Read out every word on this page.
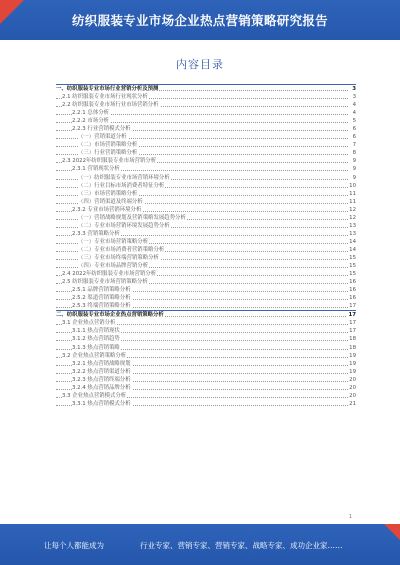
纺织服装专业市场企业热点营销策略研究报告
内容目录
一、纺织服装专业市场行业营销分析及预测	3
2.1 纺织服装专业市场行业现状分析	3
2.2 纺织服装专业市场行业市场营销分析	4
2.2.1 总体分析	4
2.2.2 市场分析	5
2.2.3 行业营销模式分析	6
（一）营销渠道分析	6
（二）市场营销策略分析	7
（三）行业营销策略分析	8
2.3 2022年纺织服装专业市场营销分析	9
2.3.1 营销现状分析	9
（一）纺织服装专业市场营销环境分析	9
（二）行业目标市场消费者特征分析	10
（三）市场营销策略分析	11
（四）营销渠道及终端分析	11
2.3.2 专业市场营销环境分析	12
（一）营销战略规划及营销策略发展趋势分析	12
（二）专业市场营销环境发展趋势分析	13
2.3.3 营销策略分析	13
（一）专业市场营销策略分析	14
（二）专业市场消费者营销策略分析	14
（三）专业市场终端营销策略分析	15
（四）专业市场品牌营销分析	15
2.4 2022年纺织服装专业市场营销分析	15
2.5 纺织服装专业市场营销策略分析	16
2.5.1 品牌营销策略分析	16
2.5.2 渠道营销策略分析	16
2.5.3 终端营销策略分析	17
二、纺织服装专业市场企业热点营销策略分析	17
3.1 企业热点营销分析	17
3.1.1 热点营销现状	17
3.1.2 热点营销趋势	18
3.1.3 热点营销策略	18
3.2 企业热点营销策略分析	19
3.2.1 热点营销战略规划	19
3.2.2 热点营销渠道分析	19
3.2.3 热点营销终端分析	20
3.2.4 热点营销品牌分析	20
3.3 企业热点营销模式分析	20
3.3.1 热点营销模式分析	21
1
让每个人都能成为	行业专家、营销专家、营销专家、战略专家、成功企业家……
